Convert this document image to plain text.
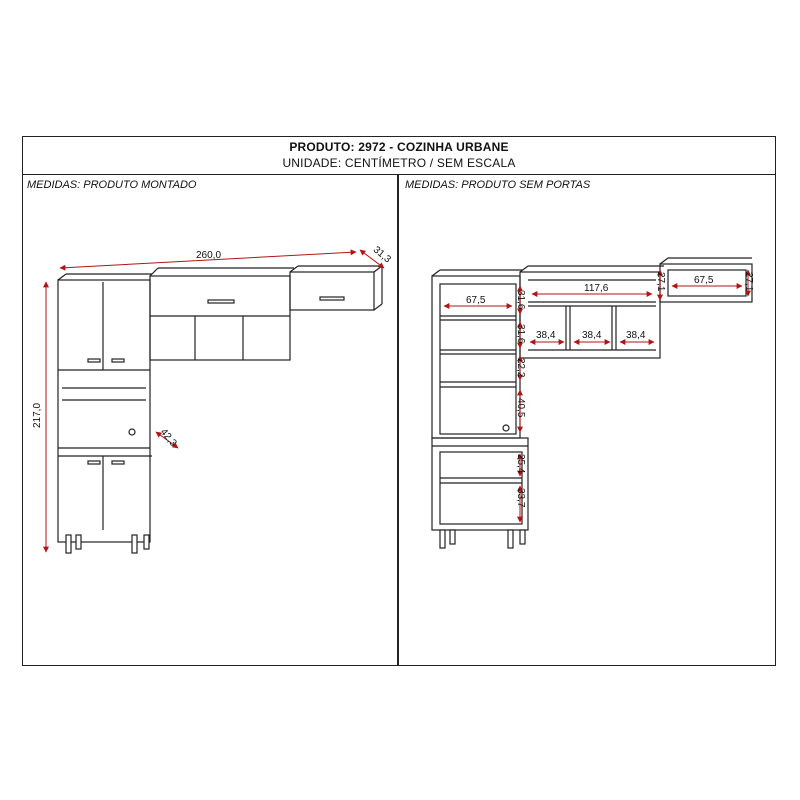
PRODUTO: 2972 - COZINHA URBANE
UNIDADE: CENTÍMETRO / SEM ESCALA
MEDIDAS: PRODUTO MONTADO	MEDIDAS: PRODUTO SEM PORTAS
260,0	31,3
217,0
42,3
67,5	31,6
31,6
22,2
40,5
25,4
33,7
117,6
38,4	38,4 38,4
27,1	67,5	27,1
